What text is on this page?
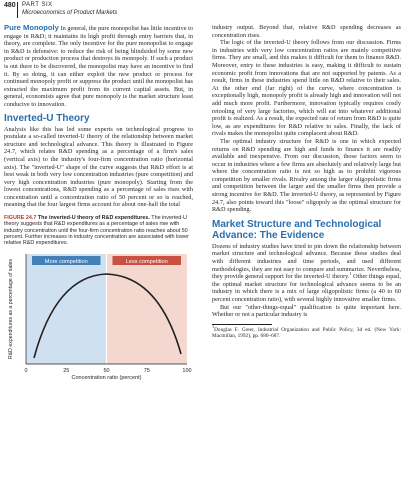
480 PART SIX
Microeconomics of Product Markets

Pure Monopoly In general, the pure monopolist has little incentive to engage in R&D; it maintains its high profit through entry barriers that, in theory, are complete. The only incentive for the pure monopolist to engage in R&D is defensive: to reduce the risk of being blindsided by some new product or production process that destroys its monopoly. If such a product is out there to be discovered, the monopolist may have an incentive to find it. By so doing, it can either exploit the new product or process for continued monopoly profit or suppress the product until the monopolist has extracted the maximum profit from its current capital assets. But, in general, economists agree that pure monopoly is the market structure least conducive to innovation.

Inverted-U Theory

Analysis like this has led some experts on technological progress to postulate a so-called inverted-U theory of the relationship between market structure and technological advance. This theory is illustrated in Figure 24.7, which relates R&D spending as a percentage of a firm's sales (vertical axis) to the industry's four-firm concentration ratio (horizontal axis). The "inverted-U" shape of the curve suggests that R&D effort is at best weak in both very low concentration industries (pure competition) and very high concentration industries (pure monopoly). Starting from the lowest concentrations, R&D spending as a percentage of sales rises with concentration until a concentration ratio of 50 percent or so is reached, meaning that the four largest firms account for about one-half the total

FIGURE 24.7 The inverted-U theory of R&D expenditures. The inverted-U theory suggests that R&D expenditures as a percentage of sales rise with industry concentration until the four-firm concentration ratio reaches about 50 percent. Further increases in industry concentration are associated with lower relative R&D expenditures.
More competition	Less competition
0	25	50	75	100
Concentration ratio (percent)
R&D expenditures as a percentage of sales

industry output. Beyond that, relative R&D spending decreases as concentration rises.

The logic of the inverted-U theory follows from our discussion. Firms in industries with very low concentration ratios are mainly competitive firms. They are small, and this makes it difficult for them to finance R&D. Moreover, entry to these industries is easy, making it difficult to sustain economic profit from innovations that are not supported by patents. As a result, firms in these industries spend little on R&D relative to their sales. At the other end (far right) of the curve, where concentration is exceptionally high, monopoly profit is already high and innovation will not add much more profit. Furthermore, innovation typically requires costly retooling of very large factories, which will eat into whatever additional profit is realized. As a result, the expected rate of return from R&D is quite low, as are expenditures for R&D relative to sales. Finally, the lack of rivals makes the monopolist quite complacent about R&D.

The optimal industry structure for R&D is one in which expected returns on R&D spending are high and funds to finance it are readily available and inexpensive. From our discussion, those factors seem to occur in industries where a few firms are absolutely and relatively large but where the concentration ratio is not so high as to prohibit vigorous competition by smaller rivals. Rivalry among the larger oligopolistic firms and competition between the larger and the smaller firms then provide a strong incentive for R&D. The inverted-U theory, as represented by Figure 24.7, also points toward this "loose" oligopoly as the optimal structure for R&D spending.

Market Structure and Technological Advance: The Evidence

Dozens of industry studies have tried to pin down the relationship between market structure and technological advance. Because these studies deal with different industries and time periods, and used different methodologies, they are not easy to compare and summarize. Nevertheless, they provide general support for the inverted-U theory.$^1$ Other things equal, the optimal market structure for technological advance seems to be an industry in which there is a mix of large oligopolistic firms (a 40 to 60 percent concentration ratio), with several highly innovative smaller firms.

But our "other-things-equal" qualification is quite important here. Whether or not a particular industry is

$^1$Douglas F. Greer, Industrial Organization and Public Policy, 3d ed. (New York: Macmillan, 1992), pp. 680–687.
